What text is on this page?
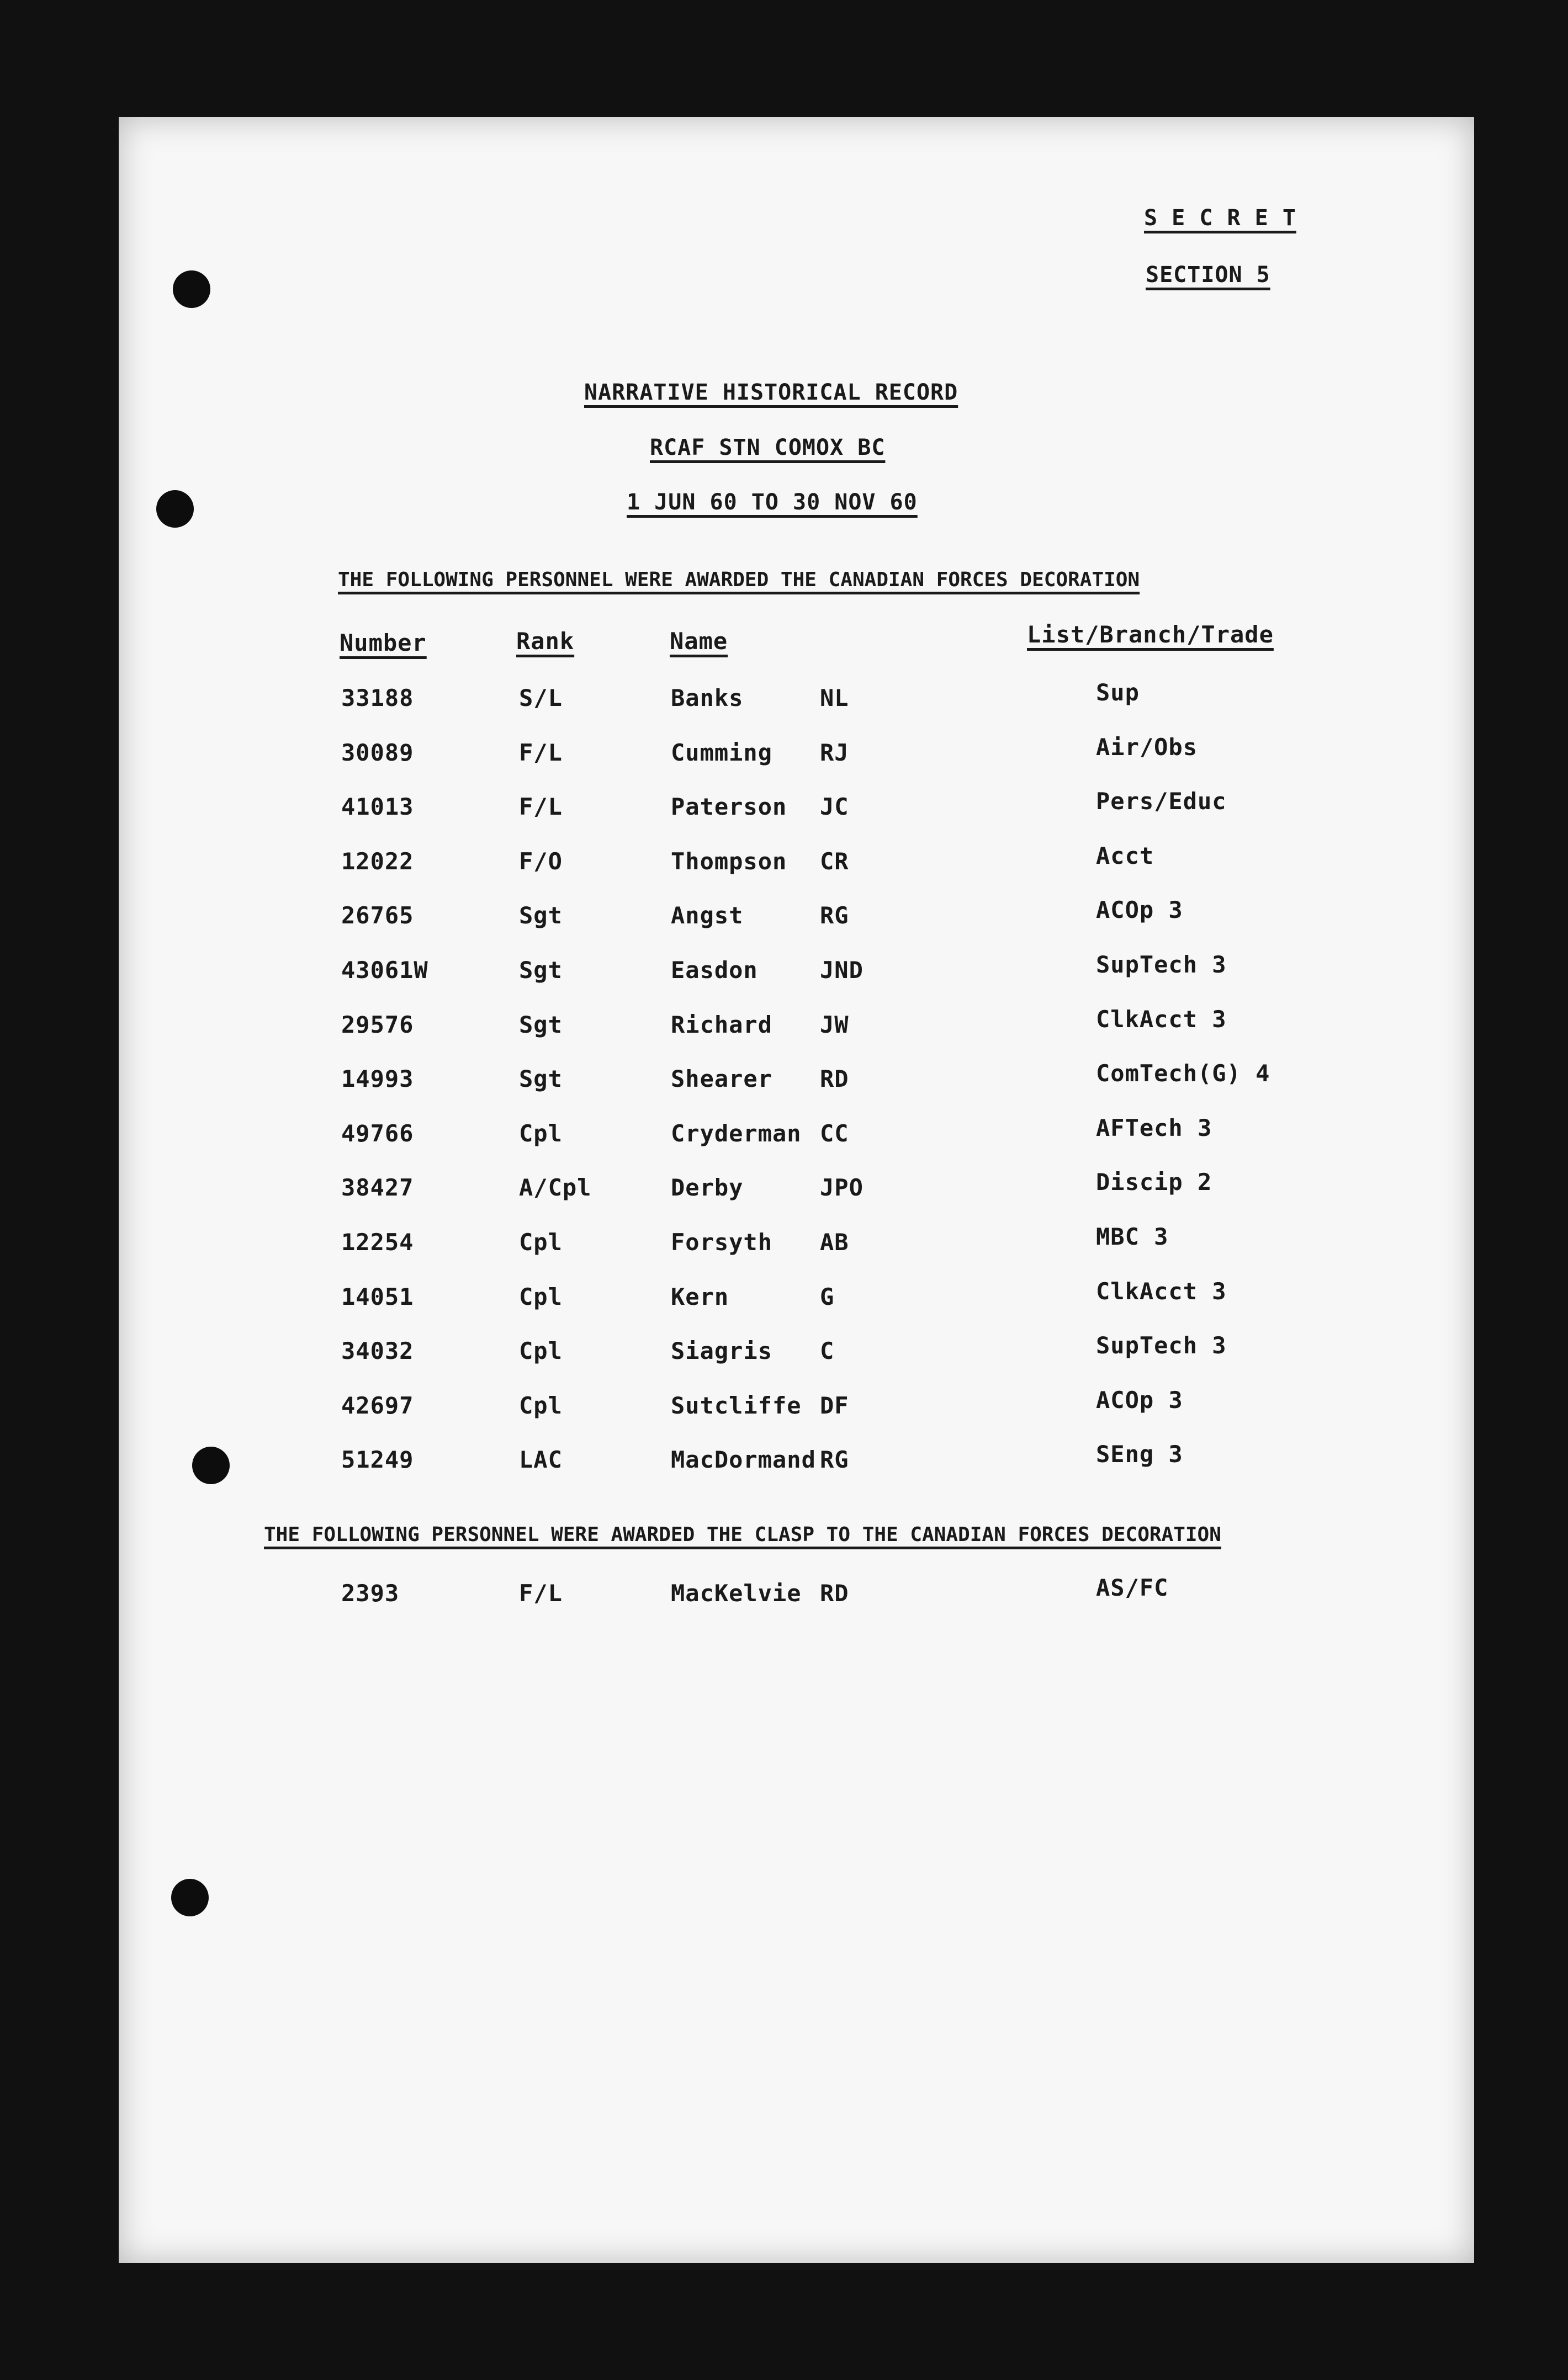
S E C R E T
SECTION 5
NARRATIVE HISTORICAL RECORD
RCAF STN COMOX BC
1 JUN 60 TO 30 NOV 60
THE FOLLOWING PERSONNEL WERE AWARDED THE CANADIAN FORCES DECORATION
Number	Rank	Name	List/Branch/Trade
33188	S/L	Banks	NL	Sup
30089	F/L	Cumming RJ	Air/Obs
41013	F/L	Paterson JC	Pers/Educ
12022	F/O	Thompson CR	Acct
26765	Sgt	Angst	RG	ACOp 3
43061W	Sgt	Easdon	JND	SupTech 3
29576	Sgt	Richard JW	ClkAcct 3
14993	Sgt	Shearer RD	ComTech(G) 4
49766	Cpl	Cryderman CC	AFTech 3
38427	A/Cpl	Derby	JPO	Discip 2
12254	Cpl	Forsyth AB	MBC 3
14051	Cpl	Kern	G	ClkAcct 3
34032	Cpl	Siagris C	SupTech 3
42697	Cpl	Sutcliffe DF	ACOp 3
51249	LAC	MacDormand RG	SEng 3
THE FOLLOWING PERSONNEL WERE AWARDED THE CLASP TO THE CANADIAN FORCES DECORATION
2393	F/L	MacKelvie RD	AS/FC
